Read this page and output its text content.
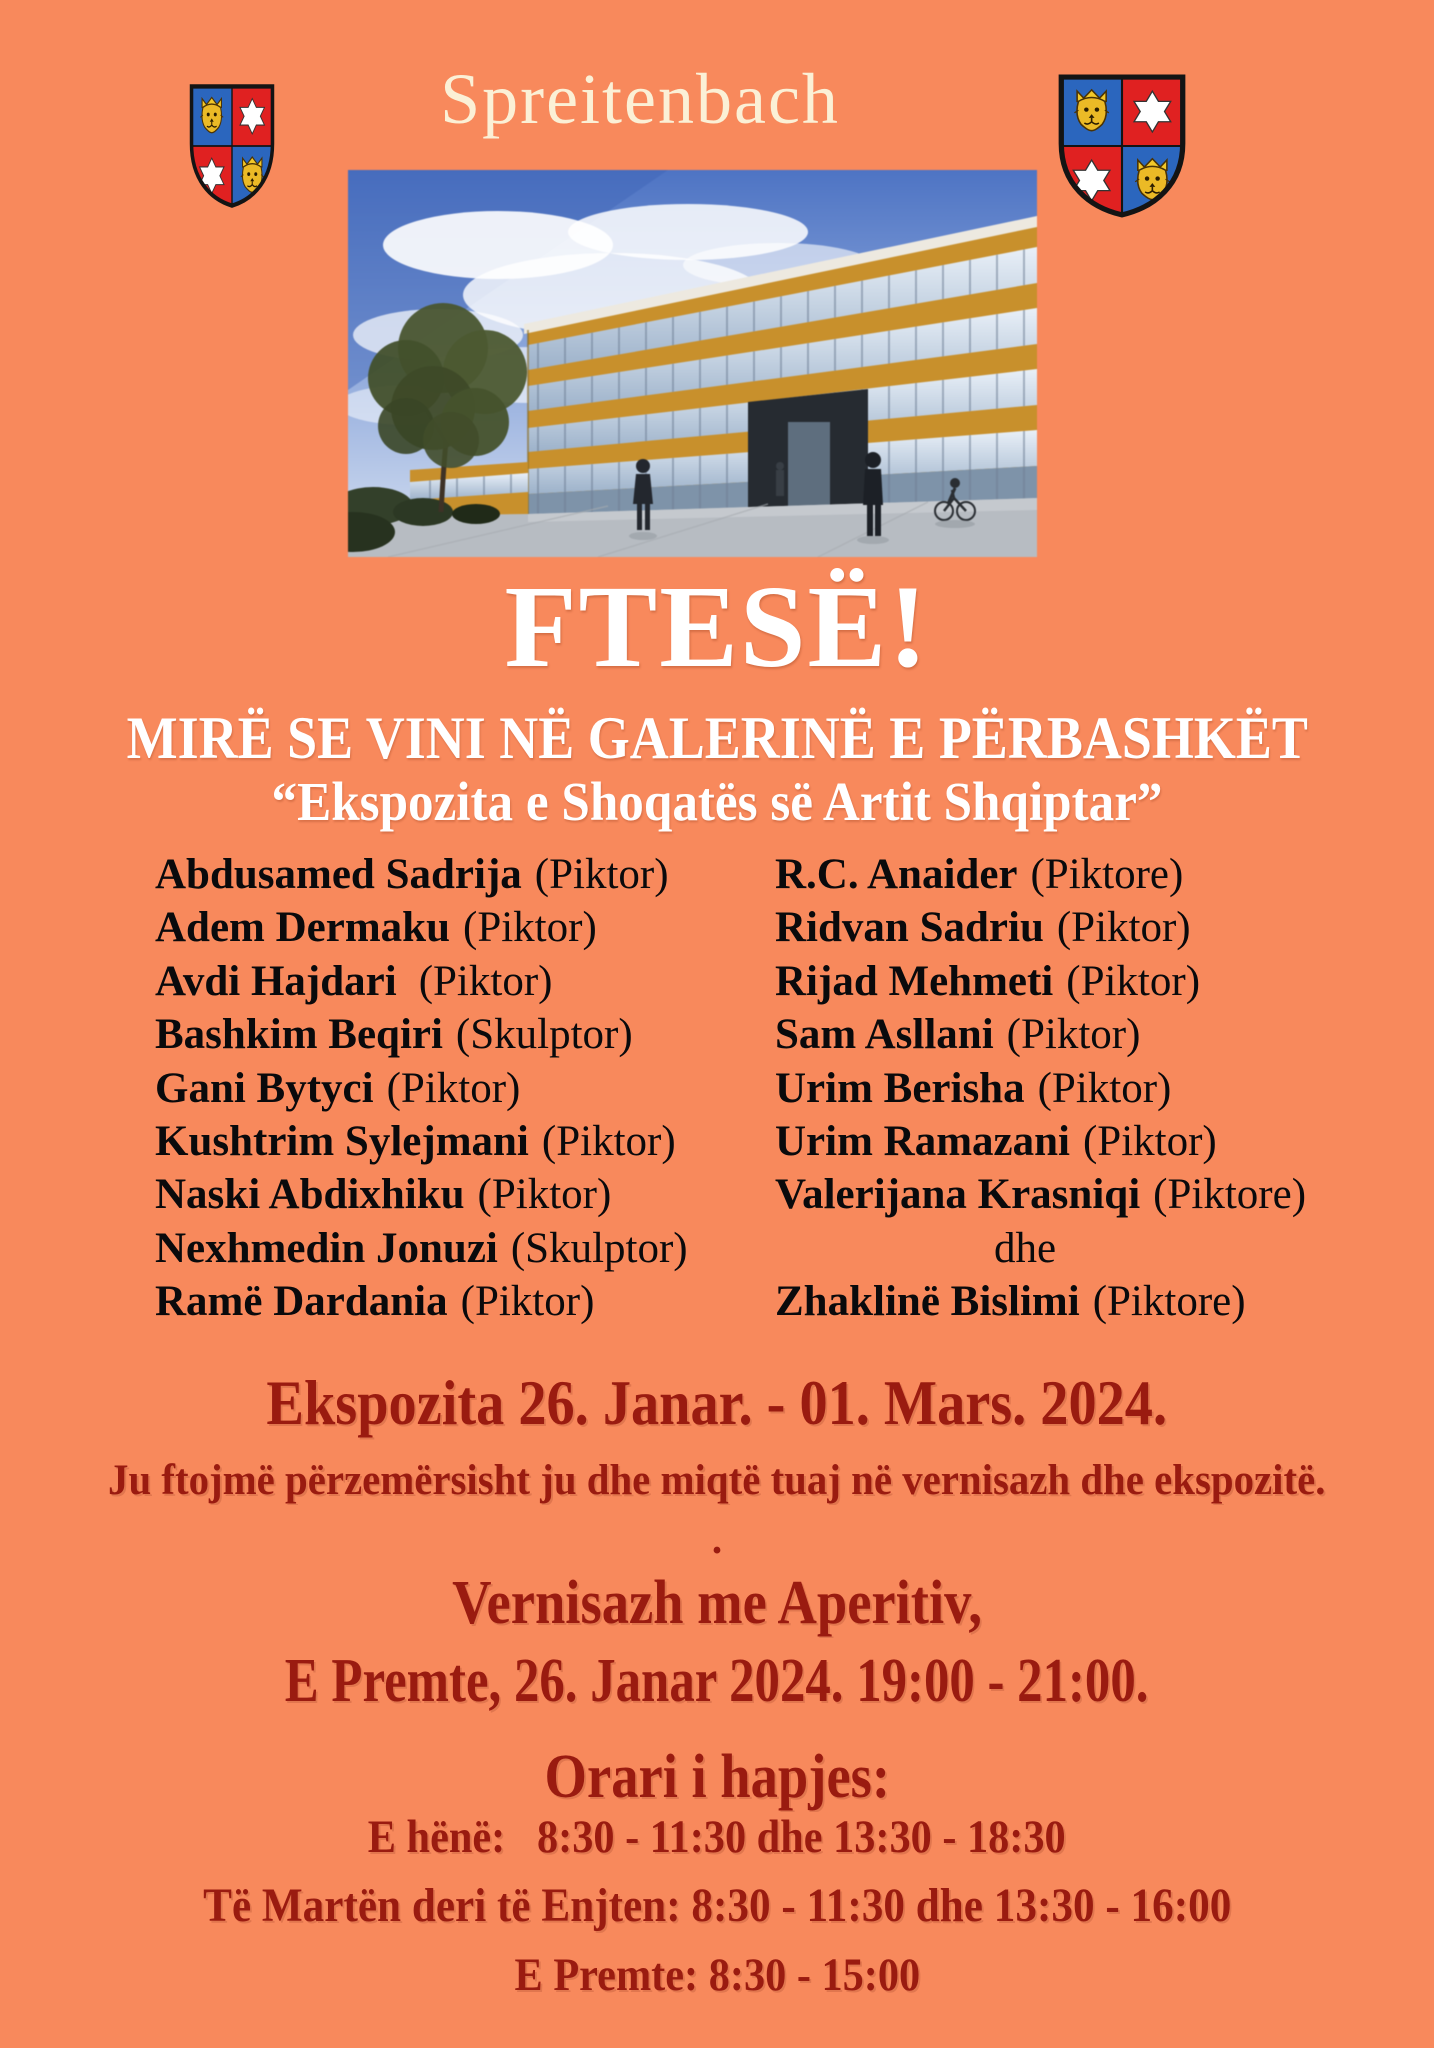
Spreitenbach
FTESË!
MIRË SE VINI NË GALERINË E PËRBASHKËT
“Ekspozita e Shoqatës së Artit Shqiptar”
Abdusamed Sadrija (Piktor)
Adem Dermaku (Piktor)
Avdi Hajdari (Piktor)
Bashkim Beqiri (Skulptor)
Gani Bytyci (Piktor)
Kushtrim Sylejmani (Piktor)
Naski Abdixhiku (Piktor)
Nexhmedin Jonuzi (Skulptor)
Ramë Dardania (Piktor)
R.C. Anaider (Piktore)
Ridvan Sadriu (Piktor)
Rijad Mehmeti (Piktor)
Sam Asllani (Piktor)
Urim Berisha (Piktor)
Urim Ramazani (Piktor)
Valerijana Krasniqi (Piktore)
dhe
Zhaklinë Bislimi (Piktore)
Ekspozita 26. Janar. - 01. Mars. 2024.
Ju ftojmë përzemërsisht ju dhe miqtë tuaj në vernisazh dhe ekspozitë.
.
Vernisazh me Aperitiv,
E Premte, 26. Janar 2024. 19:00 - 21:00.
Orari i hapjes:
E hënë:   8:30 - 11:30 dhe 13:30 - 18:30
Të Martën deri të Enjten: 8:30 - 11:30 dhe 13:30 - 16:00
E Premte: 8:30 - 15:00
